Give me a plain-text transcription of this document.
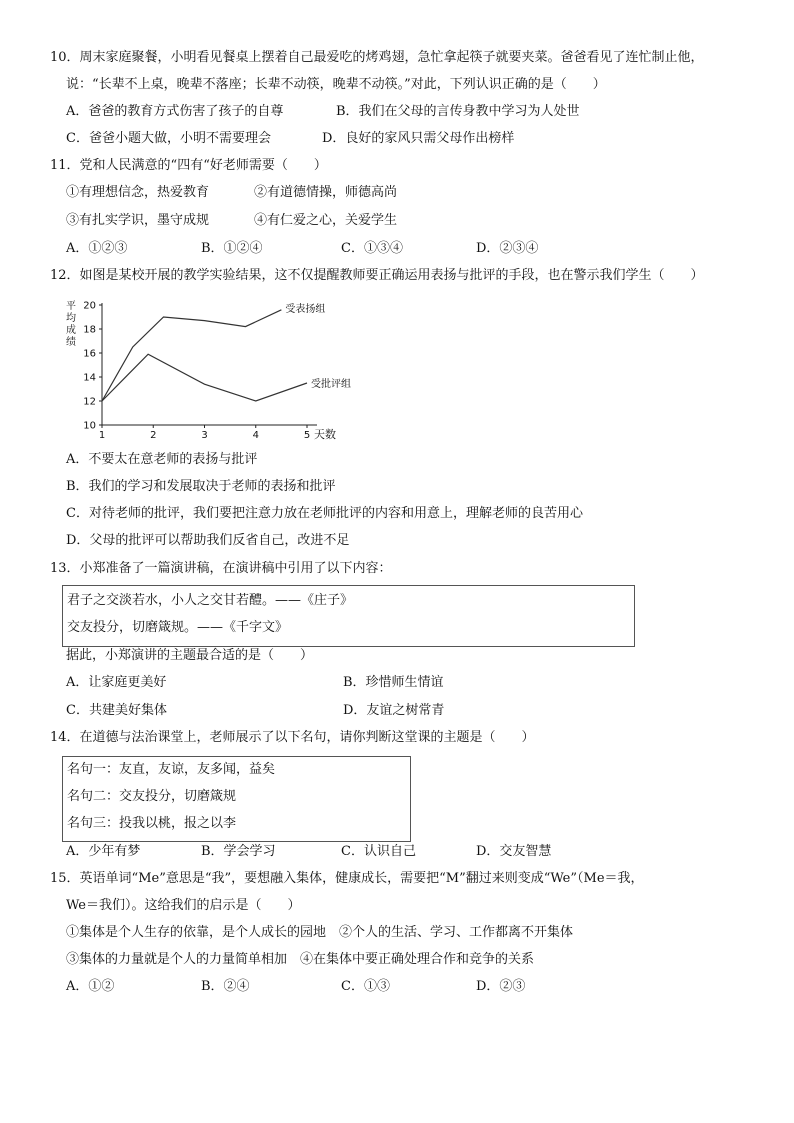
10．周末家庭聚餐，小明看见餐桌上摆着自己最爱吃的烤鸡翅，急忙拿起筷子就要夹菜。爸爸看见了连忙制止他，
说：“长辈不上桌，晚辈不落座；长辈不动筷，晚辈不动筷。”对此，下列认识正确的是（　　）
A．爸爸的教育方式伤害了孩子的自尊	B．我们在父母的言传身教中学习为人处世
C．爸爸小题大做，小明不需要理会	D．良好的家风只需父母作出榜样
11．党和人民满意的“四有“好老师需要（　　）
①有理想信念，热爱教育	②有道德情操，师德高尚
③有扎实学识，墨守成规	④有仁爱之心，关爱学生
A．①②③	B．①②④	C．①③④	D．②③④
12．如图是某校开展的教学实验结果，这不仅提醒教师要正确运用表扬与批评的手段，也在警示我们学生（　　）
平
均
成
绩
10
12
14
16
18
20
1	2	3	4	5
受表扬组
受批评组
天数
A．不要太在意老师的表扬与批评
B．我们的学习和发展取决于老师的表扬和批评
C．对待老师的批评，我们要把注意力放在老师批评的内容和用意上，理解老师的良苦用心
D．父母的批评可以帮助我们反省自己，改进不足
13．小郑准备了一篇演讲稿，在演讲稿中引用了以下内容：
君子之交淡若水，小人之交甘若醴。——《庄子》
交友投分，切磨箴规。——《千字文》
据此，小郑演讲的主题最合适的是（　　）
A．让家庭更美好	B．珍惜师生情谊
C．共建美好集体	D．友谊之树常青
14．在道德与法治课堂上，老师展示了以下名句，请你判断这堂课的主题是（　　）
名句一：友直，友谅，友多闻，益矣
名句二：交友投分，切磨箴规
名句三：投我以桃，报之以李
A．少年有梦	B．学会学习	C．认识自己	D．交友智慧
15．英语单词“Me”意思是“我”，要想融入集体，健康成长，需要把“M”翻过来则变成“We”（Me＝我，
We＝我们）。这给我们的启示是（　　）
①集体是个人生存的依靠，是个人成长的园地　②个人的生活、学习、工作都离不开集体
③集体的力量就是个人的力量简单相加　④在集体中要正确处理合作和竞争的关系
A．①②	B．②④	C．①③	D．②③
